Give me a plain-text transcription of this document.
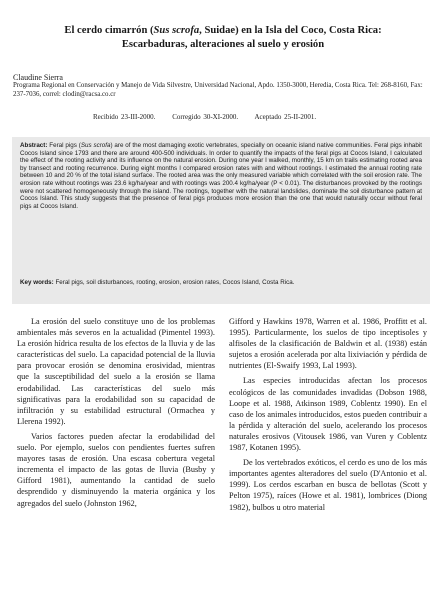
El cerdo cimarrón (Sus scrofa, Suidae) en la Isla del Coco, Costa Rica:
Escarbaduras, alteraciones al suelo y erosión
Claudine Sierra
Programa Regional en Conservación y Manejo de Vida Silvestre, Universidad Nacional, Apdo. 1350-3000, Heredia, Costa Rica. Tel: 268-8160, Fax: 237-7036, correl: clodin@racsa.co.cr
Recibido 23-III-2000. Corregido 30-XI-2000. Aceptado 25-II-2001.
Abstract: Feral pigs (Sus scrofa) are of the most damaging exotic vertebrates, specially on oceanic island native communities. Feral pigs inhabit Cocos Island since 1793 and there are around 400-500 individuals. In order to quantify the impacts of the feral pigs at Cocos Island, I calculated the effect of the rooting activity and its influence on the natural erosion. During one year I walked, monthly, 15 km on trails estimating rooted area by transect and rooting recurrence. During eight months I compared erosion rates with and without rootings. I estimated the annual rooting rate between 10 and 20 % of the total island surface. The rooted area was the only measured variable which correlated with the soil erosion rate. The erosion rate without rootings was 23.6 kg/ha/year and with rootings was 200.4 kg/ha/year (P < 0.01). The disturbances provoked by the rootings were not scattered homogeneously through the island. The rootings, together with the natural landslides, dominate the soil disturbance pattern at Cocos Island. This study suggests that the presence of feral pigs produces more erosion than the one that would naturally occur without feral pigs at Cocos Island.
Key words: Feral pigs, soil disturbances, rooting, erosion, erosion rates, Cocos Island, Costa Rica.

La erosión del suelo constituye uno de los problemas ambientales más severos en la actualidad (Pimentel 1993). La erosión hídrica resulta de los efectos de la lluvia y de las características del suelo. La capacidad potencial de la lluvia para provocar erosión se denomina erosividad, mientras que la susceptibilidad del suelo a la erosión se llama erodabilidad. Las características del suelo más significativas para la erodabilidad son su capacidad de infiltración y su estabilidad estructural (Ormachea y Llerena 1992).

Varios factores pueden afectar la erodabilidad del suelo. Por ejemplo, suelos con pendientes fuertes sufren mayores tasas de erosión. Una escasa cobertura vegetal incrementa el impacto de las gotas de lluvia (Busby y Gifford 1981), aumentando la cantidad de suelo desprendido y disminuyendo la materia orgánica y los agregados del suelo (Johnston 1962,

Gifford y Hawkins 1978, Warren et al. 1986, Proffitt et al. 1995). Particularmente, los suelos de tipo inceptisoles y alfisoles de la clasificación de Baldwin et al. (1938) están sujetos a erosión acelerada por alta lixiviación y pérdida de nutrientes (El-Swaify 1993, Lal 1993).

Las especies introducidas afectan los procesos ecológicos de las comunidades invadidas (Dobson 1988, Loope et al. 1988, Atkinson 1989, Coblentz 1990). En el caso de los animales introducidos, estos pueden contribuir a la pérdida y alteración del suelo, acelerando los procesos naturales erosivos (Vitousek 1986, van Vuren y Coblentz 1987, Kotanen 1995).

De los vertebrados exóticos, el cerdo es uno de los más importantes agentes alteradores del suelo (D'Antonio et al. 1999). Los cerdos escarban en busca de bellotas (Scott y Pelton 1975), raíces (Howe et al. 1981), lombrices (Diong 1982), bulbos u otro material
